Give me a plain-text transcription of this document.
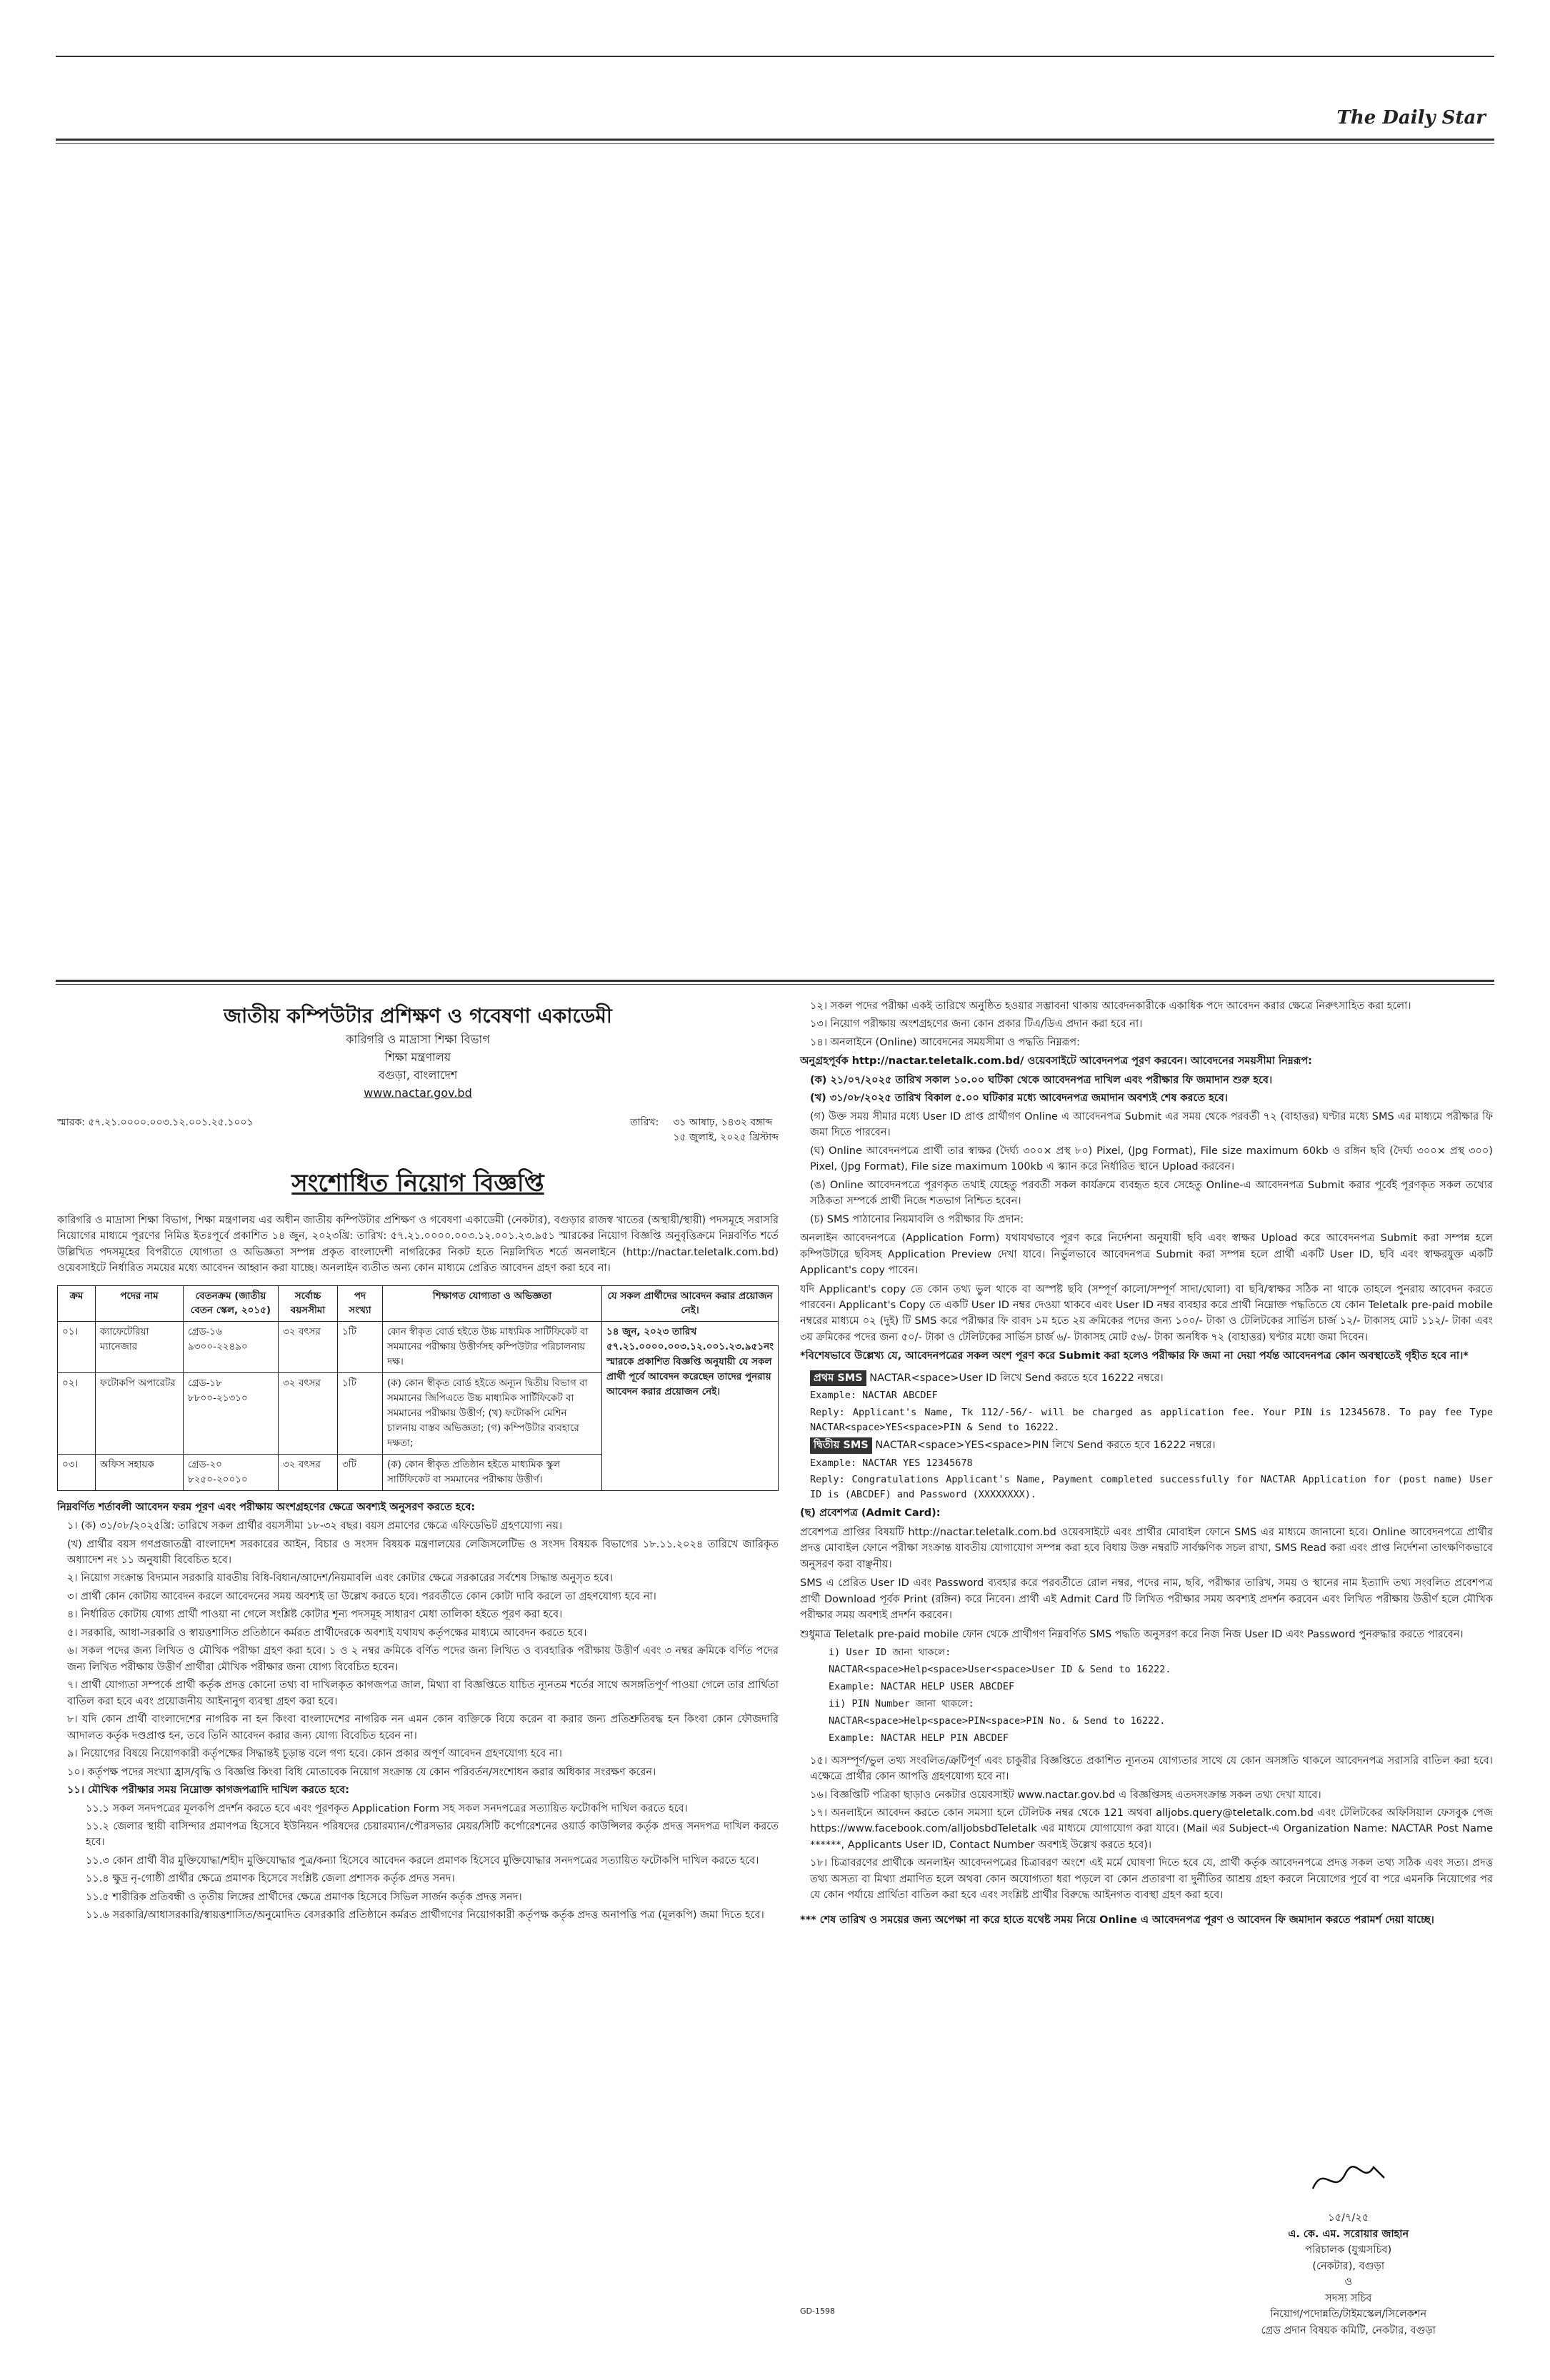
The Daily Star
জাতীয় কম্পিউটার প্রশিক্ষণ ও গবেষণা একাডেমী
কারিগরি ও মাদ্রাসা শিক্ষা বিভাগ
শিক্ষা মন্ত্রণালয়
বগুড়া, বাংলাদেশ
www.nactar.gov.bd
স্মারক: ৫৭.২১.০০০০.০০৩.১২.০০১.২৫.১০০১	তারিখ: ৩১ আষাঢ়, ১৪৩২ বঙ্গাব্দ
১৫ জুলাই, ২০২৫ খ্রিস্টাব্দ
সংশোধিত নিয়োগ বিজ্ঞপ্তি

কারিগরি ও মাদ্রাসা শিক্ষা বিভাগ, শিক্ষা মন্ত্রণালয় এর অধীন জাতীয় কম্পিউটার প্রশিক্ষণ ও গবেষণা একাডেমী (নেকটার), বগুড়ার রাজস্ব খাতের (অস্থায়ী/স্থায়ী) পদসমূহে সরাসরি নিয়োগের মাধ্যমে পূরণের নিমিত্ত ইতঃপূর্বে প্রকাশিত ১৪ জুন, ২০২৩খ্রি: তারিখ: ৫৭.২১.০০০০.০০৩.১২.০০১.২৩.৯৫১ স্মারকের নিয়োগ বিজ্ঞপ্তি অনুবৃত্তিক্রমে নিম্নবর্ণিত শর্তে উল্লিখিত পদসমূহের বিপরীতে যোগ্যতা ও অভিজ্ঞতা সম্পন্ন প্রকৃত বাংলাদেশী নাগরিকের নিকট হতে নিম্নলিখিত শর্তে অনলাইনে (http://nactar.teletalk.com.bd) ওয়েবসাইটে নির্ধারিত সময়ের মধ্যে আবেদন আহ্বান করা যাচ্ছে। অনলাইন ব্যতীত অন্য কোন মাধ্যমে প্রেরিত আবেদন গ্রহণ করা হবে না।

ক্রম	পদের নাম	বেতনক্রম (জাতীয় বেতন স্কেল, ২০১৫)	সর্বোচ্চ বয়সসীমা	পদ সংখ্যা	শিক্ষাগত যোগ্যতা ও অভিজ্ঞতা	যে সকল প্রার্থীদের আবেদন করার প্রয়োজন নেই।
০১।	ক্যাফেটেরিয়া ম্যানেজার	গ্রেড-১৬ ৯৩০০-২২৪৯০	৩২ বৎসর	১টি	কোন স্বীকৃত বোর্ড হইতে উচ্চ মাধ্যমিক সার্টিফিকেট বা সমমানের পরীক্ষায় উত্তীর্ণসহ কম্পিউটার পরিচালনায় দক্ষ।	১৪ জুন, ২০২৩ তারিখ ৫৭.২১.০০০০.০০৩.১২.০০১.২৩.৯৫১নং স্মারকে প্রকাশিত বিজ্ঞপ্তি অনুযায়ী যে সকল প্রার্থী পূর্বে আবেদন করেছেন তাদের পুনরায় আবেদন করার প্রয়োজন নেই।
০২।	ফটোকপি অপারেটর	গ্রেড-১৮ ৮৮০০-২১৩১০	৩২ বৎসর	১টি	(ক) কোন স্বীকৃত বোর্ড হইতে অন্যূন দ্বিতীয় বিভাগ বা সমমানের জিপিএতে উচ্চ মাধ্যমিক সার্টিফিকেট বা সমমানের পরীক্ষায় উত্তীর্ণ; (খ) ফটোকপি মেশিন চালনায় বাস্তব অভিজ্ঞতা; (গ) কম্পিউটার ব্যবহারে দক্ষতা;	
০৩।	অফিস সহায়ক	গ্রেড-২০ ৮২৫০-২০০১০	৩২ বৎসর	৩টি	(ক) কোন স্বীকৃত প্রতিষ্ঠান হইতে মাধ্যমিক স্কুল সার্টিফিকেট বা সমমানের পরীক্ষায় উত্তীর্ণ।	

নিম্নবর্ণিত শর্তাবলী আবেদন ফরম পূরণ এবং পরীক্ষায় অংশগ্রহণের ক্ষেত্রে অবশ্যই অনুসরণ করতে হবে:

১। (ক) ৩১/০৮/২০২৫খ্রি: তারিখে সকল প্রার্থীর বয়সসীমা ১৮-৩২ বছর। বয়স প্রমাণের ক্ষেত্রে এফিডেভিট গ্রহণযোগ্য নয়।
(খ) প্রার্থীর বয়স গণপ্রজাতন্ত্রী বাংলাদেশ সরকারের আইন, বিচার ও সংসদ বিষয়ক মন্ত্রণালয়ের লেজিসলেটিভ ও সংসদ বিষয়ক বিভাগের ১৮.১১.২০২৪ তারিখে জারিকৃত অধ্যাদেশ নং ১১ অনুযায়ী বিবেচিত হবে।
২। নিয়োগ সংক্রান্ত বিদ্যমান সরকারি যাবতীয় বিধি-বিধান/আদেশ/নিয়মাবলি এবং কোটার ক্ষেত্রে সরকারের সর্বশেষ সিদ্ধান্ত অনুসৃত হবে।
৩। প্রার্থী কোন কোটায় আবেদন করলে আবেদনের সময় অবশ্যই তা উল্লেখ করতে হবে। পরবর্তীতে কোন কোটা দাবি করলে তা গ্রহণযোগ্য হবে না।
৪। নির্ধারিত কোটায় যোগ্য প্রার্থী পাওয়া না গেলে সংশ্লিষ্ট কোটার শূন্য পদসমূহ সাধারণ মেধা তালিকা হইতে পূরণ করা হবে।
৫। সরকারি, আধা-সরকারি ও স্বায়ত্তশাসিত প্রতিষ্ঠানে কর্মরত প্রার্থীদেরকে অবশ্যই যথাযথ কর্তৃপক্ষের মাধ্যমে আবেদন করতে হবে।
৬। সকল পদের জন্য লিখিত ও মৌখিক পরীক্ষা গ্রহণ করা হবে। ১ ও ২ নম্বর ক্রমিকে বর্ণিত পদের জন্য লিখিত ও ব্যবহারিক পরীক্ষায় উত্তীর্ণ এবং ৩ নম্বর ক্রমিকে বর্ণিত পদের জন্য লিখিত পরীক্ষায় উত্তীর্ণ প্রার্থীরা মৌখিক পরীক্ষার জন্য যোগ্য বিবেচিত হবেন।
৭। প্রার্থী যোগ্যতা সম্পর্কে প্রার্থী কর্তৃক প্রদত্ত কোনো তথ্য বা দাখিলকৃত কাগজপত্র জাল, মিথ্যা বা বিজ্ঞপ্তিতে যাচিত ন্যূনতম শর্তের সাথে অসঙ্গতিপূর্ণ পাওয়া গেলে তার প্রার্থিতা বাতিল করা হবে এবং প্রয়োজনীয় আইনানুগ ব্যবস্থা গ্রহণ করা হবে।
৮। যদি কোন প্রার্থী বাংলাদেশের নাগরিক না হন কিংবা বাংলাদেশের নাগরিক নন এমন কোন ব্যক্তিকে বিয়ে করেন বা করার জন্য প্রতিশ্রুতিবদ্ধ হন কিংবা কোন ফৌজদারি আদালত কর্তৃক দণ্ডপ্রাপ্ত হন, তবে তিনি আবেদন করার জন্য যোগ্য বিবেচিত হবেন না।
৯। নিয়োগের বিষয়ে নিয়োগকারী কর্তৃপক্ষের সিদ্ধান্তই চূড়ান্ত বলে গণ্য হবে। কোন প্রকার অপূর্ণ আবেদন গ্রহণযোগ্য হবে না।
১০। কর্তৃপক্ষ পদের সংখ্যা হ্রাস/বৃদ্ধি ও বিজ্ঞপ্তি কিংবা বিধি মোতাবেক নিয়োগ সংক্রান্ত যে কোন পরিবর্তন/সংশোধন করার অধিকার সংরক্ষণ করেন।
১১। মৌখিক পরীক্ষার সময় নিম্নোক্ত কাগজপত্রাদি দাখিল করতে হবে:
১১.১ সকল সনদপত্রের মূলকপি প্রদর্শন করতে হবে এবং পূরণকৃত Application Form সহ সকল সনদপত্রের সত্যায়িত ফটোকপি দাখিল করতে হবে।
১১.২ জেলার স্থায়ী বাসিন্দার প্রমাণপত্র হিসেবে ইউনিয়ন পরিষদের চেয়ারম্যান/পৌরসভার মেয়র/সিটি কর্পোরেশনের ওয়ার্ড কাউন্সিলর কর্তৃক প্রদত্ত সনদপত্র দাখিল করতে হবে।
১১.৩ কোন প্রার্থী বীর মুক্তিযোদ্ধা/শহীদ মুক্তিযোদ্ধার পুত্র/কন্যা হিসেবে আবেদন করলে প্রমাণক হিসেবে মুক্তিযোদ্ধার সনদপত্রের সত্যায়িত ফটোকপি দাখিল করতে হবে।
১১.৪ ক্ষুদ্র নৃ-গোষ্ঠী প্রার্থীর ক্ষেত্রে প্রমাণক হিসেবে সংশ্লিষ্ট জেলা প্রশাসক কর্তৃক প্রদত্ত সনদ।
১১.৫ শারীরিক প্রতিবন্ধী ও তৃতীয় লিঙ্গের প্রার্থীদের ক্ষেত্রে প্রমাণক হিসেবে সিভিল সার্জন কর্তৃক প্রদত্ত সনদ।
১১.৬ সরকারি/আধাসরকারি/স্বায়ত্তশাসিত/অনুমোদিত বেসরকারি প্রতিষ্ঠানে কর্মরত প্রার্থীগণের নিয়োগকারী কর্তৃপক্ষ কর্তৃক প্রদত্ত অনাপত্তি পত্র (মূলকপি) জমা দিতে হবে।
১২। সকল পদের পরীক্ষা একই তারিখে অনুষ্ঠিত হওয়ার সম্ভাবনা থাকায় আবেদনকারীকে একাধিক পদে আবেদন করার ক্ষেত্রে নিরুৎসাহিত করা হলো।
১৩। নিয়োগ পরীক্ষায় অংশগ্রহণের জন্য কোন প্রকার টিএ/ডিএ প্রদান করা হবে না।
১৪। অনলাইনে (Online) আবেদনের সময়সীমা ও পদ্ধতি নিম্নরূপ:

অনুগ্রহপূর্বক http://nactar.teletalk.com.bd/ ওয়েবসাইটে আবেদনপত্র পূরণ করবেন। আবেদনের সময়সীমা নিম্নরূপ:

(ক) ২১/০৭/২০২৫ তারিখ সকাল ১০.০০ ঘটিকা থেকে আবেদনপত্র দাখিল এবং পরীক্ষার ফি জমাদান শুরু হবে।
(খ) ৩১/০৮/২০২৫ তারিখ বিকাল ৫.০০ ঘটিকার মধ্যে আবেদনপত্র জমাদান অবশ্যই শেষ করতে হবে।
(গ) উক্ত সময় সীমার মধ্যে User ID প্রাপ্ত প্রার্থীগণ Online এ আবেদনপত্র Submit এর সময় থেকে পরবর্তী ৭২ (বাহাত্তর) ঘণ্টার মধ্যে SMS এর মাধ্যমে পরীক্ষার ফি জমা দিতে পারবেন।
(ঘ) Online আবেদনপত্রে প্রার্থী তার স্বাক্ষর (দৈর্ঘ্য ৩০০× প্রস্থ ৮০) Pixel, (Jpg Format), File size maximum 60kb ও রঙ্গিন ছবি (দৈর্ঘ্য ৩০০× প্রস্থ ৩০০) Pixel, (Jpg Format), File size maximum 100kb এ স্ক্যান করে নির্ধারিত স্থানে Upload করবেন।
(ঙ) Online আবেদনপত্রে পূরণকৃত তথ্যই যেহেতু পরবর্তী সকল কার্যক্রমে ব্যবহৃত হবে সেহেতু Online-এ আবেদনপত্র Submit করার পূর্বেই পূরণকৃত সকল তথ্যের সঠিকতা সম্পর্কে প্রার্থী নিজে শতভাগ নিশ্চিত হবেন।
(চ) SMS পাঠানোর নিয়মাবলি ও পরীক্ষার ফি প্রদান:

অনলাইন আবেদনপত্রে (Application Form) যথাযথভাবে পূরণ করে নির্দেশনা অনুযায়ী ছবি এবং স্বাক্ষর Upload করে আবেদনপত্র Submit করা সম্পন্ন হলে কম্পিউটারে ছবিসহ Application Preview দেখা যাবে। নির্ভুলভাবে আবেদনপত্র Submit করা সম্পন্ন হলে প্রার্থী একটি User ID, ছবি এবং স্বাক্ষরযুক্ত একটি Applicant's copy পাবেন।

যদি Applicant's copy তে কোন তথ্য ভুল থাকে বা অস্পষ্ট ছবি (সম্পূর্ণ কালো/সম্পূর্ণ সাদা/ঘোলা) বা ছবি/স্বাক্ষর সঠিক না থাকে তাহলে পুনরায় আবেদন করতে পারবেন। Applicant's Copy তে একটি User ID নম্বর দেওয়া থাকবে এবং User ID নম্বর ব্যবহার করে প্রার্থী নিম্নোক্ত পদ্ধতিতে যে কোন Teletalk pre-paid mobile নম্বরের মাধ্যমে ০২ (দুই) টি SMS করে পরীক্ষার ফি বাবদ ১ম হতে ২য় ক্রমিকের পদের জন্য ১০০/- টাকা ও টেলিটকের সার্ভিস চার্জ ১২/- টাকাসহ মোট ১১২/- টাকা এবং ৩য় ক্রমিকের পদের জন্য ৫০/- টাকা ও টেলিটকের সার্ভিস চার্জ ৬/- টাকাসহ মোট ৫৬/- টাকা অনধিক ৭২ (বাহাত্তর) ঘণ্টার মধ্যে জমা দিবেন।

*বিশেষভাবে উল্লেখ্য যে, আবেদনপত্রের সকল অংশ পূরণ করে Submit করা হলেও পরীক্ষার ফি জমা না দেয়া পর্যন্ত আবেদনপত্র কোন অবস্থাতেই গৃহীত হবে না।*

প্রথম SMS NACTAR<space>User ID লিখে Send করতে হবে 16222 নম্বরে।
Example: NACTAR ABCDEF
Reply: Applicant's Name, Tk 112/-56/- will be charged as application fee. Your PIN is 12345678. To pay fee Type NACTAR<space>YES<space>PIN & Send to 16222.
দ্বিতীয় SMS NACTAR<space>YES<space>PIN লিখে Send করতে হবে 16222 নম্বরে।
Example: NACTAR YES 12345678
Reply: Congratulations Applicant's Name, Payment completed successfully for NACTAR Application for (post name) User ID is (ABCDEF) and Password (XXXXXXXX).

(ছ) প্রবেশপত্র (Admit Card):

প্রবেশপত্র প্রাপ্তির বিষয়টি http://nactar.teletalk.com.bd ওয়েবসাইটে এবং প্রার্থীর মোবাইল ফোনে SMS এর মাধ্যমে জানানো হবে। Online আবেদনপত্রে প্রার্থীর প্রদত্ত মোবাইল ফোনে পরীক্ষা সংক্রান্ত যাবতীয় যোগাযোগ সম্পন্ন করা হবে বিধায় উক্ত নম্বরটি সার্বক্ষণিক সচল রাখা, SMS Read করা এবং প্রাপ্ত নির্দেশনা তাৎক্ষণিকভাবে অনুসরণ করা বাঞ্ছনীয়।

SMS এ প্রেরিত User ID এবং Password ব্যবহার করে পরবর্তীতে রোল নম্বর, পদের নাম, ছবি, পরীক্ষার তারিখ, সময় ও স্থানের নাম ইত্যাদি তথ্য সংবলিত প্রবেশপত্র প্রার্থী Download পূর্বক Print (রঙ্গিন) করে নিবেন। প্রার্থী এই Admit Card টি লিখিত পরীক্ষার সময় অবশ্যই প্রদর্শন করবেন এবং লিখিত পরীক্ষায় উত্তীর্ণ হলে মৌখিক পরীক্ষার সময় অবশ্যই প্রদর্শন করবেন।

শুধুমাত্র Teletalk pre-paid mobile ফোন থেকে প্রার্থীগণ নিম্নবর্ণিত SMS পদ্ধতি অনুসরণ করে নিজ নিজ User ID এবং Password পুনরুদ্ধার করতে পারবেন।

i) User ID জানা থাকলে:
NACTAR<space>Help<space>User<space>User ID & Send to 16222.
Example: NACTAR HELP USER ABCDEF
ii) PIN Number জানা থাকলে:
NACTAR<space>Help<space>PIN<space>PIN No. & Send to 16222.
Example: NACTAR HELP PIN ABCDEF
১৫। অসম্পূর্ণ/ভুল তথ্য সংবলিত/ত্রুটিপূর্ণ এবং চাকুরীর বিজ্ঞপ্তিতে প্রকাশিত ন্যূনতম যোগ্যতার সাথে যে কোন অসঙ্গতি থাকলে আবেদনপত্র সরাসরি বাতিল করা হবে। এক্ষেত্রে প্রার্থীর কোন আপত্তি গ্রহণযোগ্য হবে না।
১৬। বিজ্ঞপ্তিটি পত্রিকা ছাড়াও নেকটার ওয়েবসাইট www.nactar.gov.bd এ বিজ্ঞপ্তিসহ এতদসংক্রান্ত সকল তথ্য দেখা যাবে।
১৭। অনলাইনে আবেদন করতে কোন সমস্যা হলে টেলিটক নম্বর থেকে 121 অথবা alljobs.query@teletalk.com.bd এবং টেলিটকের অফিসিয়াল ফেসবুক পেজ https://www.facebook.com/alljobsbdTeletalk এর মাধ্যমে যোগাযোগ করা যাবে। (Mail এর Subject-এ Organization Name: NACTAR Post Name ******, Applicants User ID, Contact Number অবশ্যই উল্লেখ করতে হবে)।
১৮। চিত্রাবরণের প্রার্থীকে অনলাইন আবেদনপত্রের চিত্রাবরণ অংশে এই মর্মে ঘোষণা দিতে হবে যে, প্রার্থী কর্তৃক আবেদনপত্রে প্রদত্ত সকল তথ্য সঠিক এবং সত্য। প্রদত্ত তথ্য অসত্য বা মিথ্যা প্রমাণিত হলে অথবা কোন অযোগ্যতা ধরা পড়লে বা কোন প্রতারণা বা দুর্নীতির আশ্রয় গ্রহণ করলে নিয়োগের পূর্বে বা পরে এমনকি নিয়োগের পর যে কোন পর্যায়ে প্রার্থিতা বাতিল করা হবে এবং সংশ্লিষ্ট প্রার্থীর বিরুদ্ধে আইনগত ব্যবস্থা গ্রহণ করা হবে।

*** শেষ তারিখ ও সময়ের জন্য অপেক্ষা না করে হাতে যথেষ্ট সময় নিয়ে Online এ আবেদনপত্র পূরণ ও আবেদন ফি জমাদান করতে পরামর্শ দেয়া যাচ্ছে।

১৫/৭/২৫
এ. কে. এম. সরোয়ার জাহান
পরিচালক (যুগ্মসচিব)
(নেকটার), বগুড়া
ও
সদস্য সচিব
নিয়োগ/পদোন্নতি/টাইমস্কেল/সিলেকশন
গ্রেড প্রদান বিষয়ক কমিটি, নেকটার, বগুড়া
GD-1598
